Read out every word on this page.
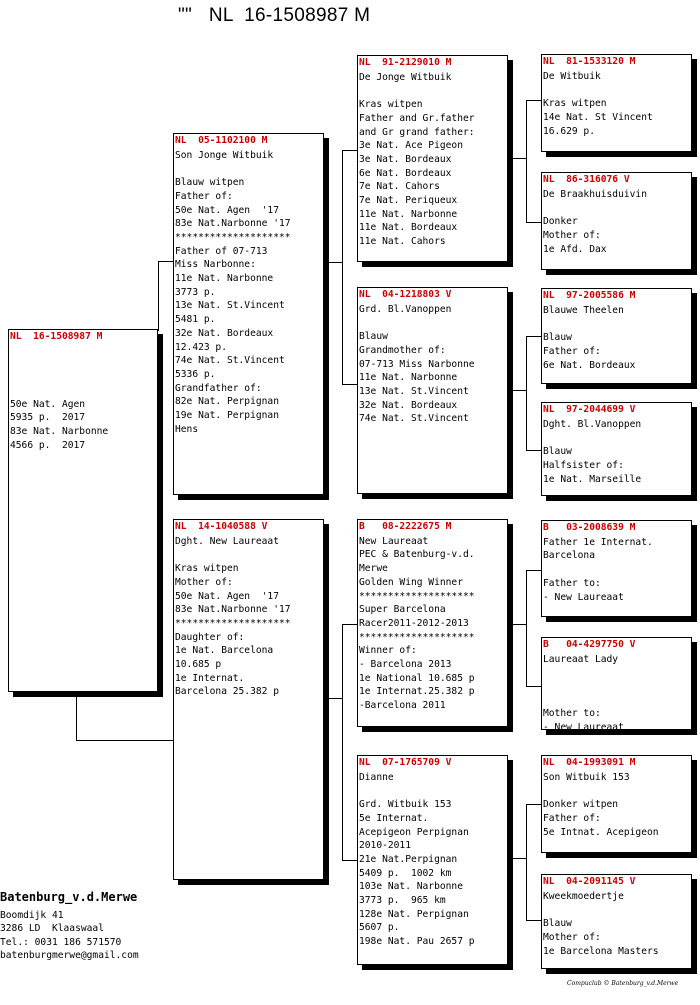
""   NL  16-1508987 M
NL  16-1508987 M
50e Nat. Agen
5935 p.  2017
83e Nat. Narbonne
4566 p.  2017
NL  05-1102100 M
Son Jonge Witbuik
Blauw witpen
Father of:
50e Nat. Agen  '17
83e Nat.Narbonne '17
********************
Father of 07-713
Miss Narbonne:
11e Nat. Narbonne
3773 p.
13e Nat. St.Vincent
5481 p.
32e Nat. Bordeaux
12.423 p.
74e Nat. St.Vincent
5336 p.
Grandfather of:
82e Nat. Perpignan
19e Nat. Perpignan
Hens
NL  14-1040588 V
Dght. New Laureaat
Kras witpen
Mother of:
50e Nat. Agen  '17
83e Nat.Narbonne '17
********************
Daughter of:
1e Nat. Barcelona
10.685 p
1e Internat.
Barcelona 25.382 p
NL  91-2129010 M
De Jonge Witbuik
Kras witpen
Father and Gr.father
and Gr grand father:
3e Nat. Ace Pigeon
3e Nat. Bordeaux
6e Nat. Bordeaux
7e Nat. Cahors
7e Nat. Periqueux
11e Nat. Narbonne
11e Nat. Bordeaux
11e Nat. Cahors
NL  04-1218803 V
Grd. Bl.Vanoppen
Blauw
Grandmother of:
07-713 Miss Narbonne
11e Nat. Narbonne
13e Nat. St.Vincent
32e Nat. Bordeaux
74e Nat. St.Vincent
B   08-2222675 M
New Laureaat
PEC & Batenburg-v.d.
Merwe
Golden Wing Winner
********************
Super Barcelona
Racer2011-2012-2013
********************
Winner of:
- Barcelona 2013
1e National 10.685 p
1e Internat.25.382 p
-Barcelona 2011
NL  07-1765709 V
Dianne
Grd. Witbuik 153
5e Internat.
Acepigeon Perpignan
2010-2011
21e Nat.Perpignan
5409 p.  1002 km
103e Nat. Narbonne
3773 p.  965 km
128e Nat. Perpignan
5607 p.
198e Nat. Pau 2657 p
NL  81-1533120 M
De Witbuik
Kras witpen
14e Nat. St Vincent
16.629 p.
NL  86-316076 V
De Braakhuisduivin
Donker
Mother of:
1e Afd. Dax
NL  97-2005586 M
Blauwe Theelen
Blauw
Father of:
6e Nat. Bordeaux
NL  97-2044699 V
Dght. Bl.Vanoppen
Blauw
Halfsister of:
1e Nat. Marseille
B   03-2008639 M
Father 1e Internat.
Barcelona

Father to:
- New Laureaat
B   04-4297750 V
Laureaat Lady
Mother to:
- New Laureaat
NL  04-1993091 M
Son Witbuik 153
Donker witpen
Father of:
5e Intnat. Acepigeon
NL  04-2091145 V
Kweekmoedertje
Blauw
Mother of:
1e Barcelona Masters
Batenburg_v.d.Merwe
Boomdijk 41
3286 LD  Klaaswaal
Tel.: 0031 186 571570
batenburgmerwe@gmail.com
Compuclub © Batenburg_v.d.Merwe
